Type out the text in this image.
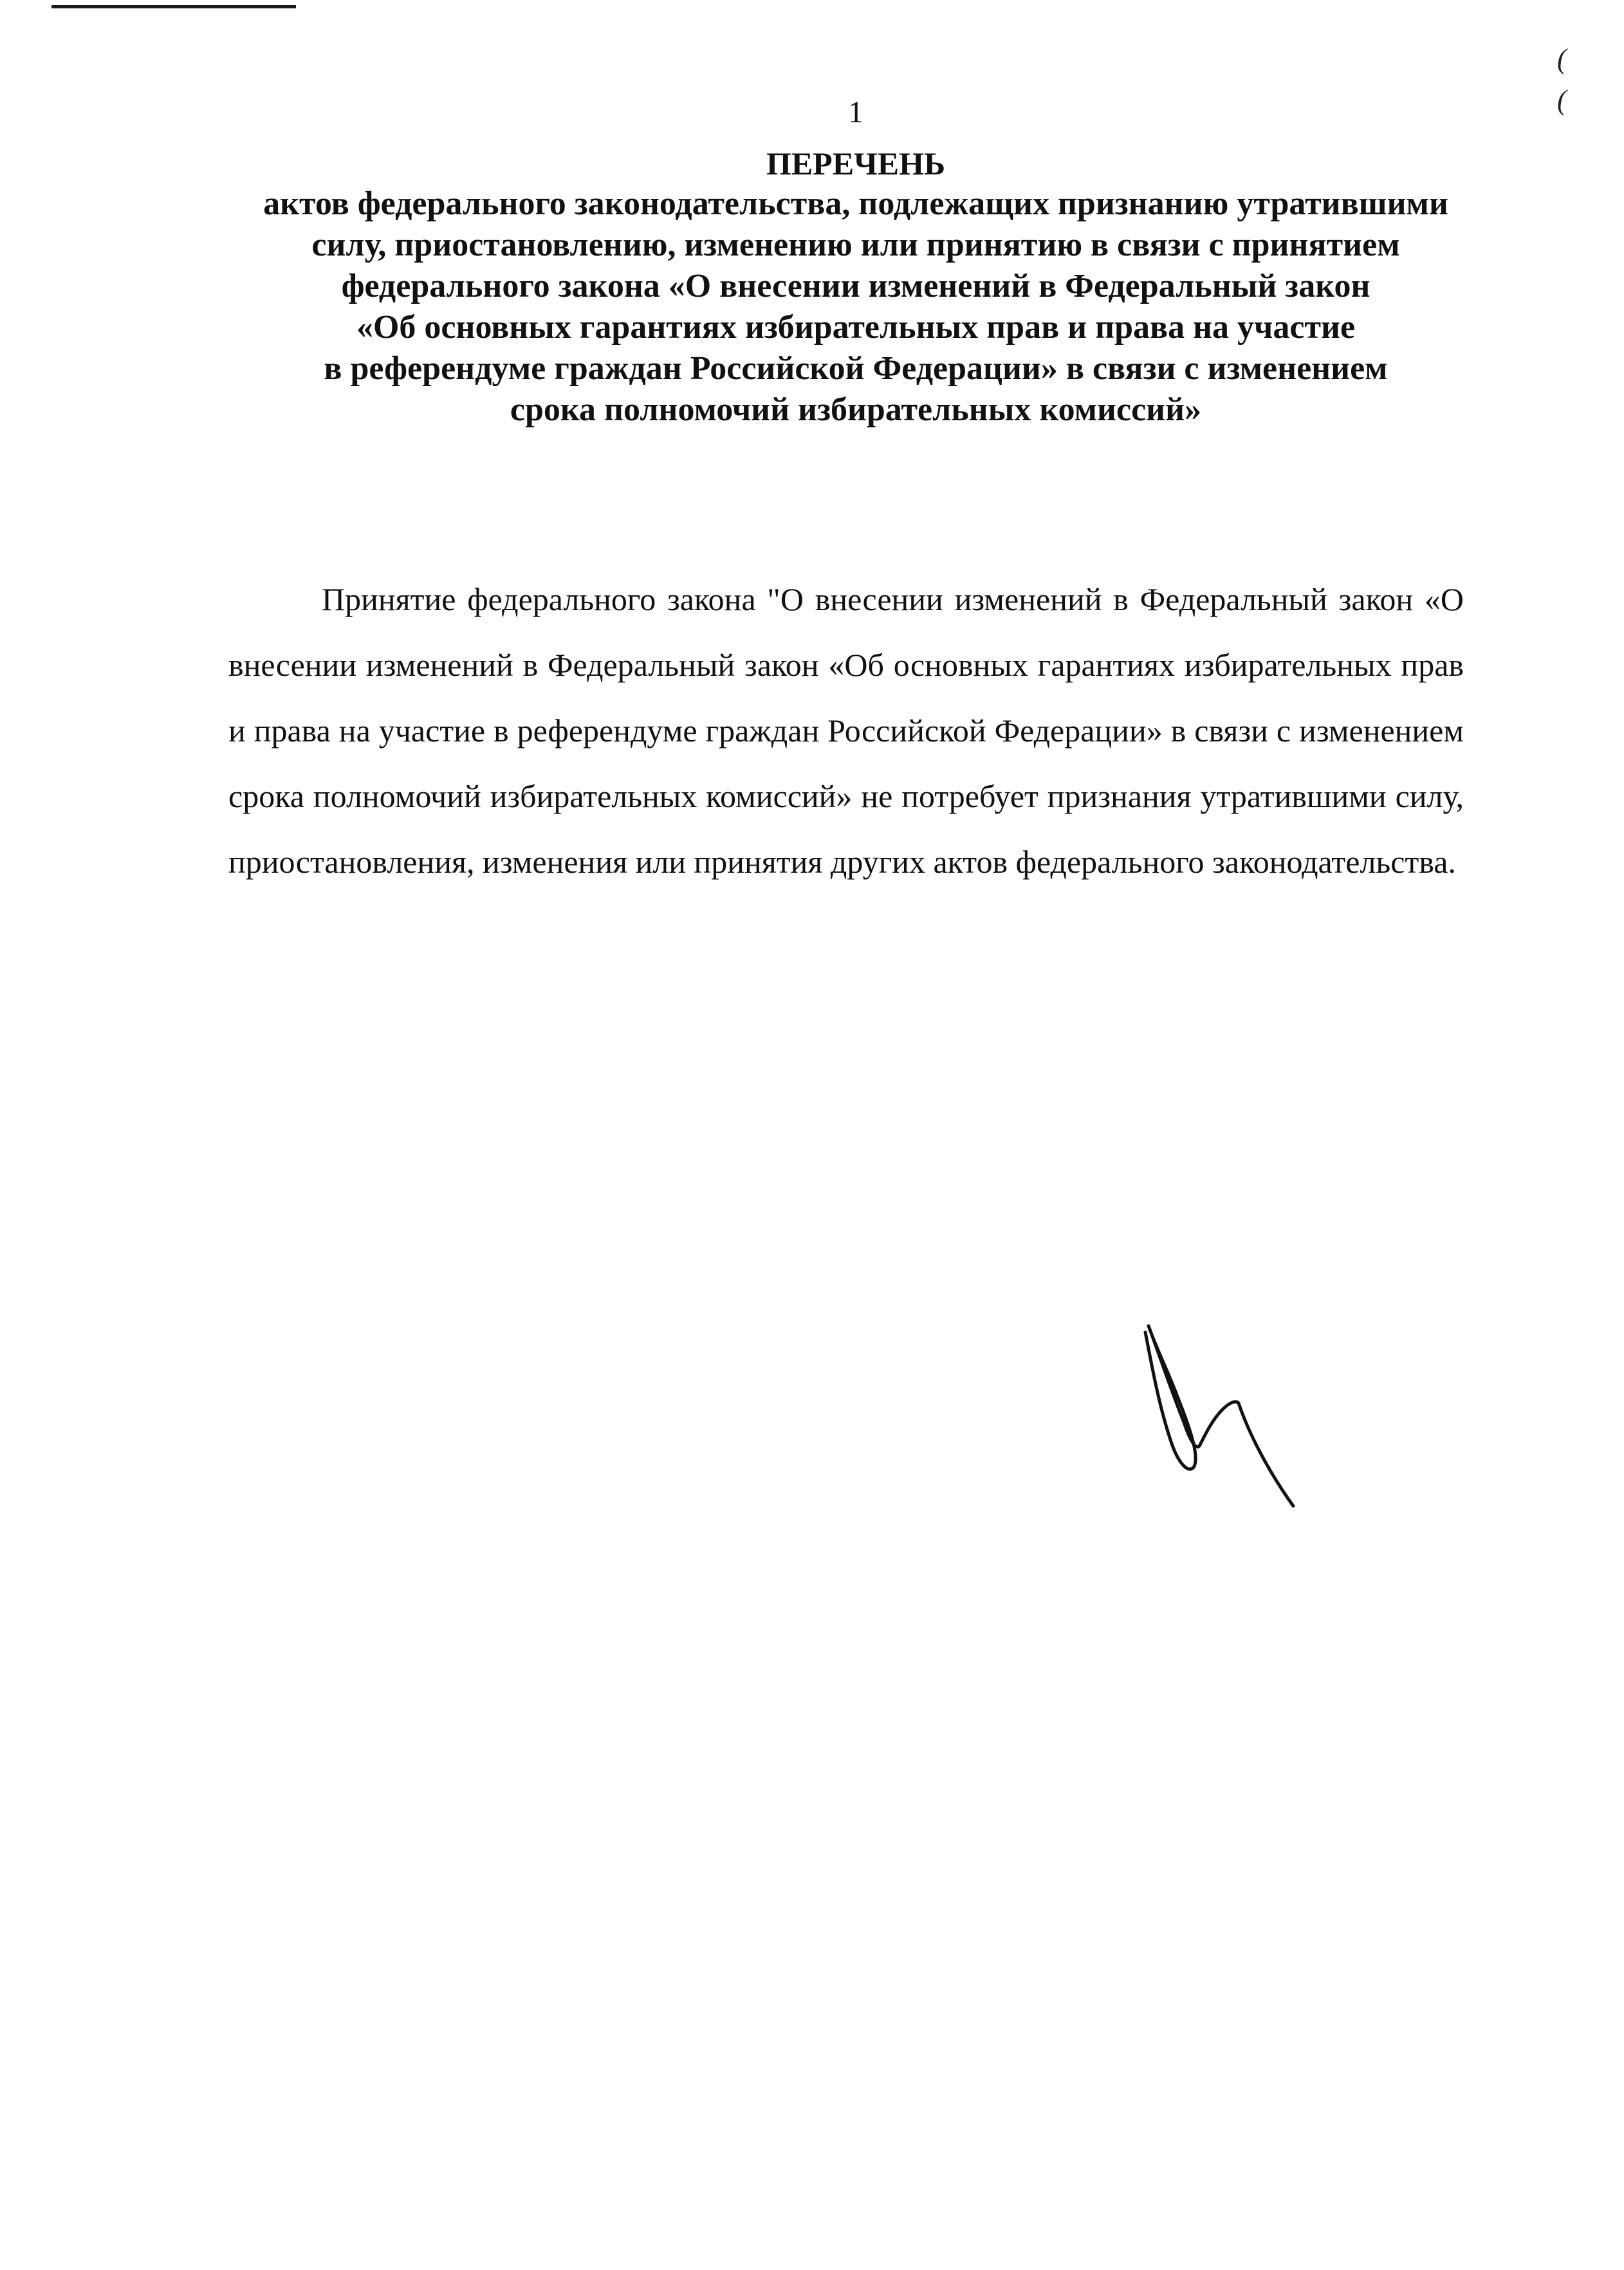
(
(
1
ПЕРЕЧЕНЬ
актов федерального законодательства, подлежащих признанию утратившими
силу, приостановлению, изменению или принятию в связи с принятием
федерального закона «О внесении изменений в Федеральный закон
«Об основных гарантиях избирательных прав и права на участие
в референдуме граждан Российской Федерации» в связи с изменением
срока полномочий избирательных комиссий»

Принятие федерального закона "О внесении изменений в Федеральный закон «О внесении изменений в Федеральный закон «Об основных гарантиях избирательных прав и права на участие в референдуме граждан Российской Федерации» в связи с изменением срока полномочий избирательных комиссий» не потребует признания утратившими силу, приостановления, изменения или принятия других актов федерального законодательства.
